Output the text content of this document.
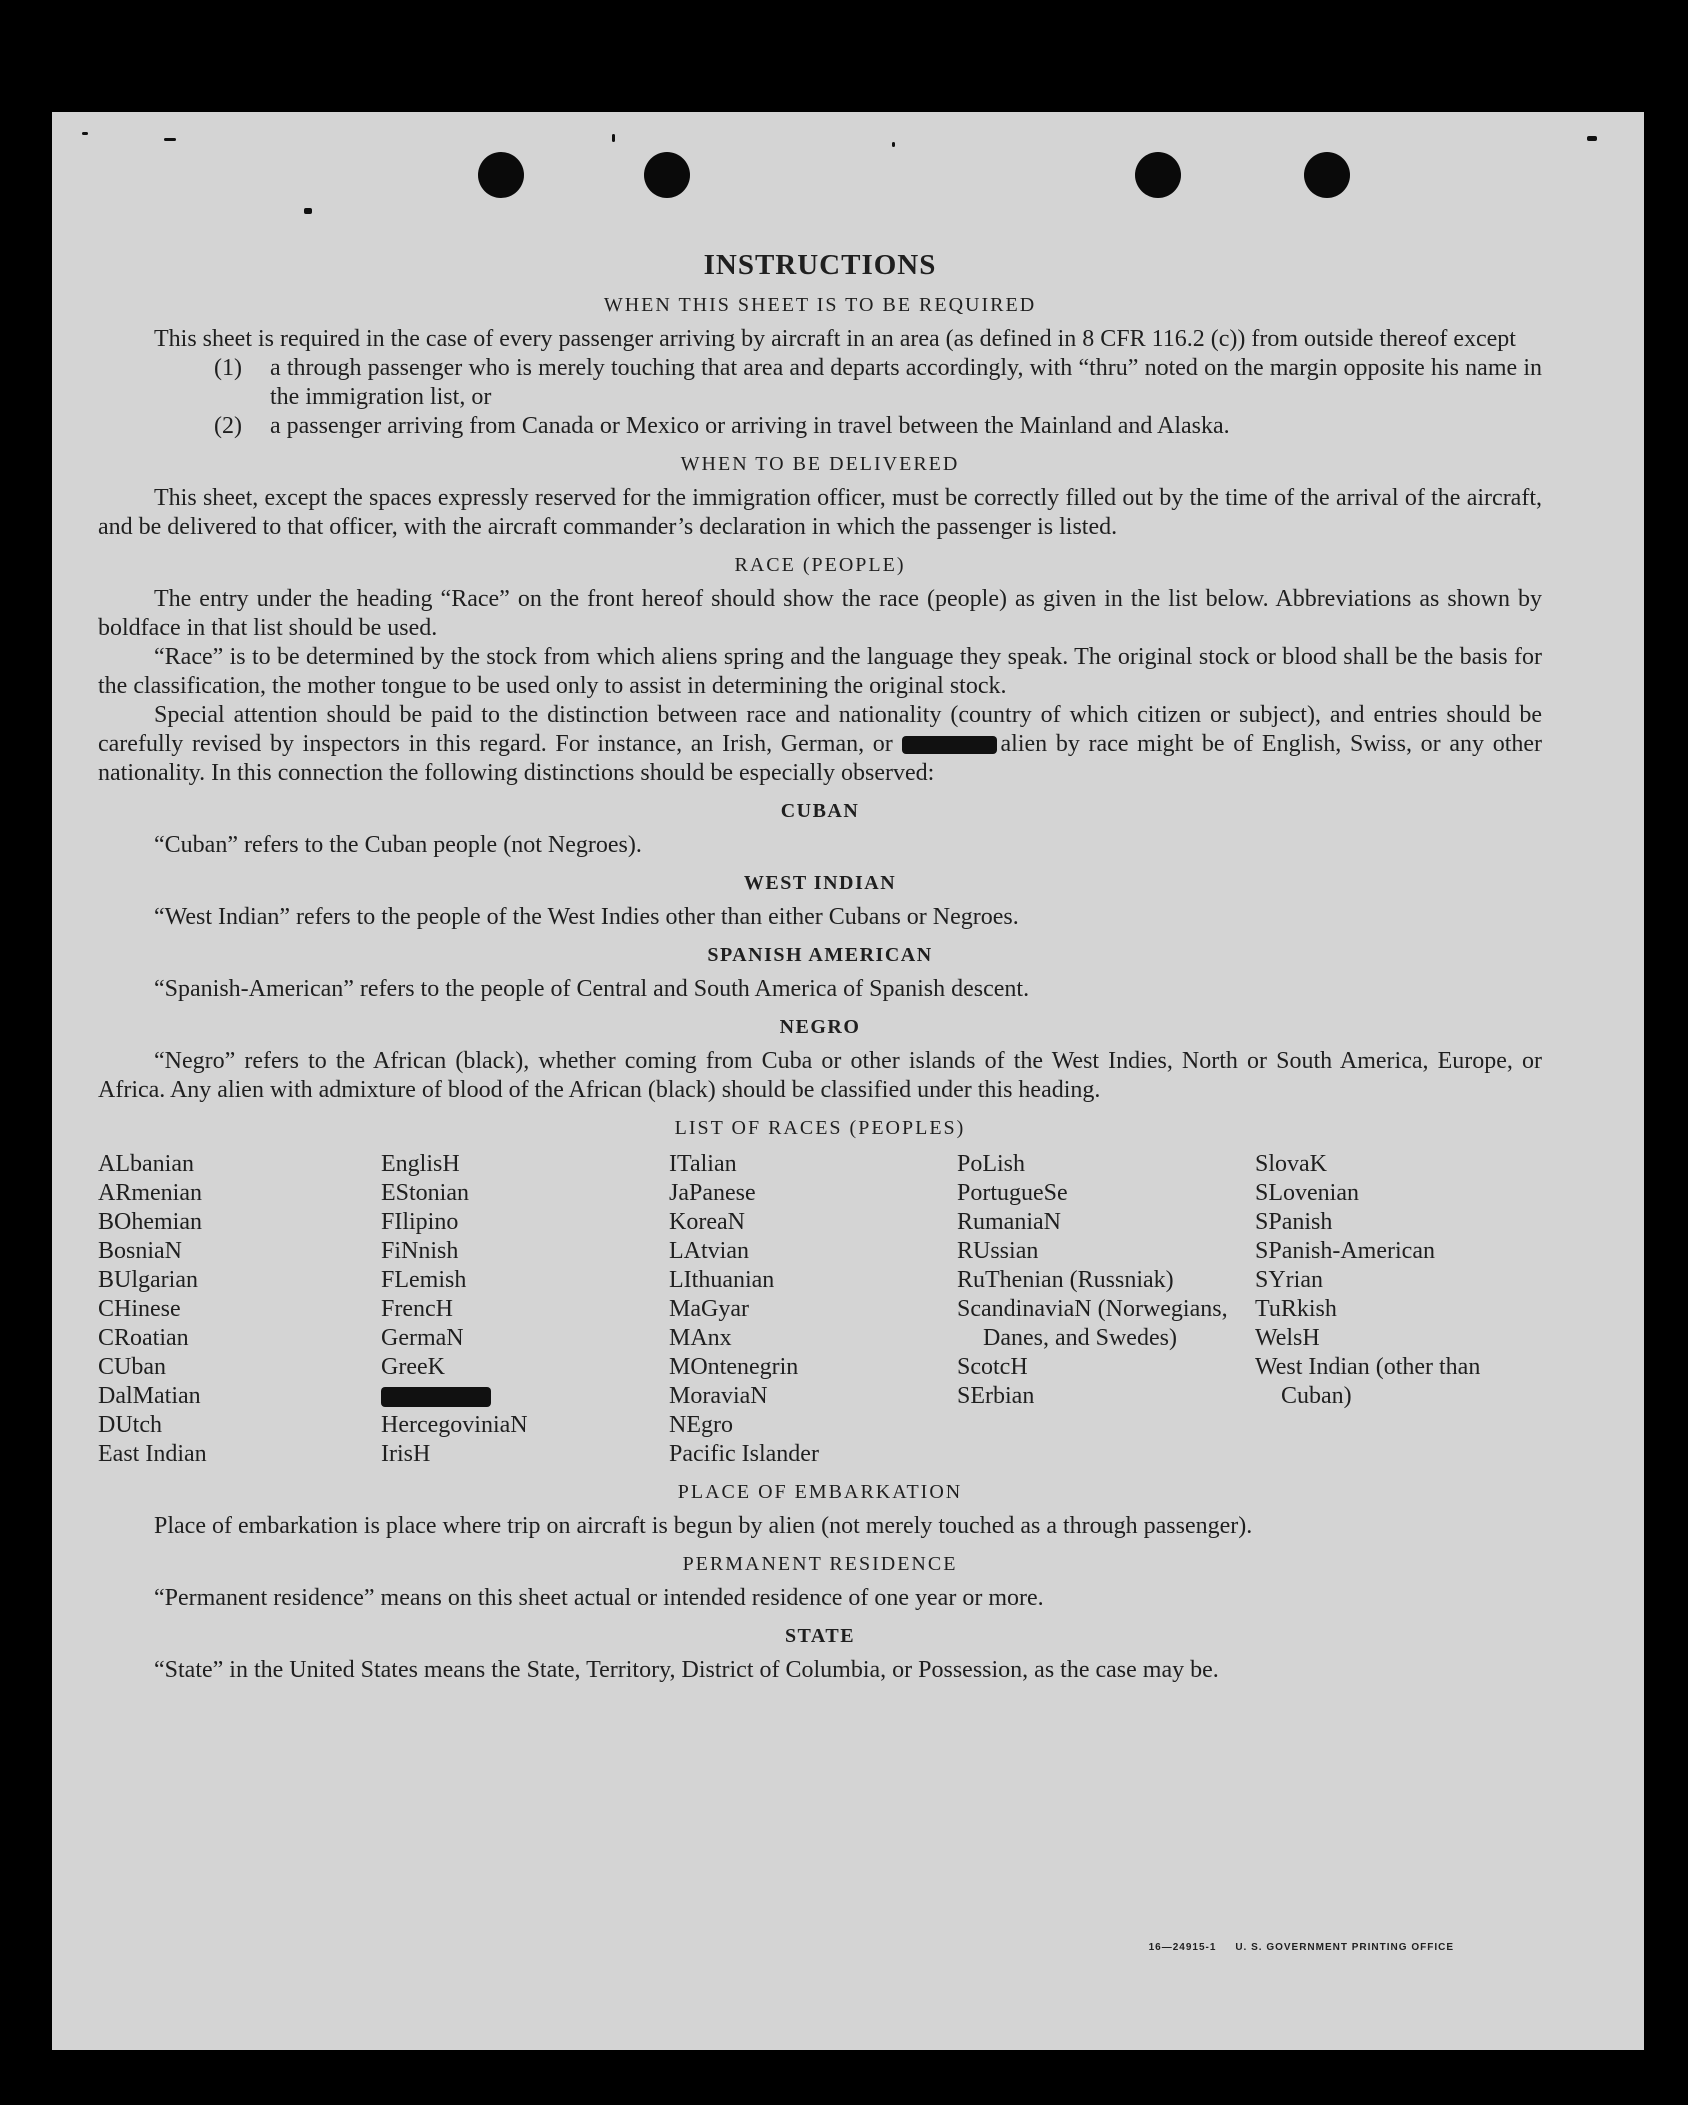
INSTRUCTIONS
WHEN THIS SHEET IS TO BE REQUIRED

This sheet is required in the case of every passenger arriving by aircraft in an area (as defined in 8 CFR 116.2 (c)) from outside thereof except

(1)	a through passenger who is merely touching that area and departs accordingly, with “thru” noted on the margin opposite his name in the immigration list, or
(2)	a passenger arriving from Canada or Mexico or arriving in travel between the Mainland and Alaska.
WHEN TO BE DELIVERED

This sheet, except the spaces expressly reserved for the immigration officer, must be correctly filled out by the time of the arrival of the aircraft, and be delivered to that officer, with the aircraft commander’s declaration in which the passenger is listed.

RACE (PEOPLE)

The entry under the heading “Race” on the front hereof should show the race (people) as given in the list below. Abbreviations as shown by boldface in that list should be used.

“Race” is to be determined by the stock from which aliens spring and the language they speak. The original stock or blood shall be the basis for the classification, the mother tongue to be used only to assist in determining the original stock.

Special attention should be paid to the distinction between race and nationality (country of which citizen or subject), and entries should be carefully revised by inspectors in this regard. For instance, an Irish, German, or	alien by race might be of English, Swiss, or any other nationality. In this connection the following distinctions should be especially observed:

CUBAN
“Cuban” refers to the Cuban people (not Negroes).
WEST INDIAN
“West Indian” refers to the people of the West Indies other than either Cubans or Negroes.
SPANISH AMERICAN
“Spanish-American” refers to the people of Central and South America of Spanish descent.
NEGRO

“Negro” refers to the African (black), whether coming from Cuba or other islands of the West Indies, North or South America, Europe, or Africa. Any alien with admixture of blood of the African (black) should be classified under this heading.

LIST OF RACES (PEOPLES)
ALbanian
ARmenian
BOhemian
BosniaN
BUlgarian
CHinese
CRoatian
CUban
DalMatian
DUtch
East Indian
EnglisH
EStonian
FIlipino
FiNnish
FLemish
FrencH
GermaN
GreeK
HercegoviniaN
IrisH
ITalian
JaPanese
KoreaN
LAtvian
LIthuanian
MaGyar
MAnx
MOntenegrin
MoraviaN
NEgro
Pacific Islander
PoLish
PortugueSe
RumaniaN
RUssian
RuThenian (Russniak)
ScandinaviaN (Norwegians, Danes, and Swedes)
ScotcH
SErbian
SlovaK
SLovenian
SPanish
SPanish-American
SYrian
TuRkish
WelsH
West Indian (other than Cuban)
PLACE OF EMBARKATION

Place of embarkation is place where trip on aircraft is begun by alien (not merely touched as a through passenger).

PERMANENT RESIDENCE
“Permanent residence” means on this sheet actual or intended residence of one year or more.
STATE

“State” in the United States means the State, Territory, District of Columbia, or Possession, as the case may be.

16—24915-1 U. S. GOVERNMENT PRINTING OFFICE
